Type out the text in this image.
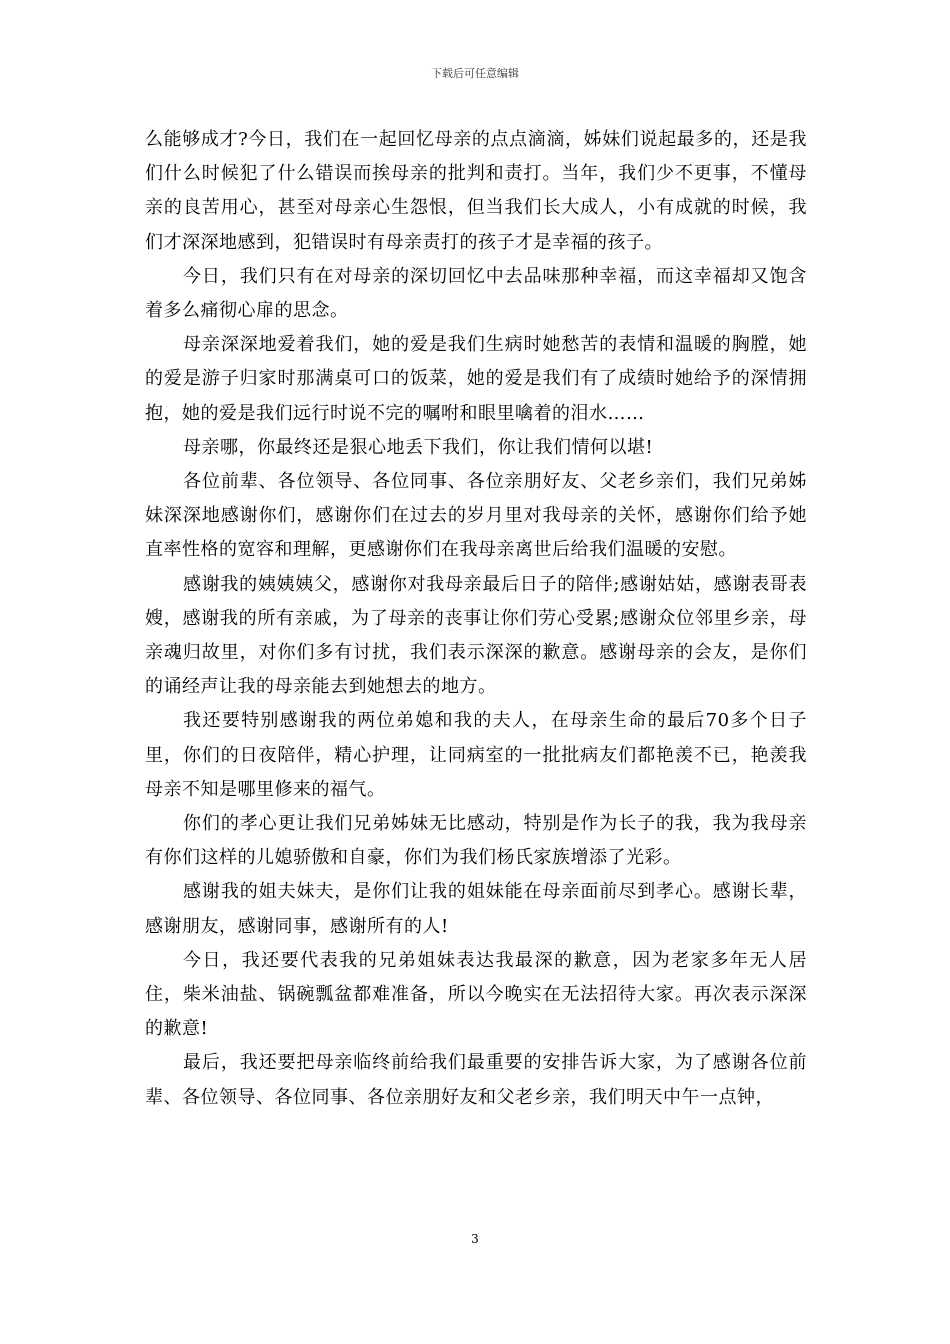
下载后可任意编辑

么能够成才?今日，我们在一起回忆母亲的点点滴滴，姊妹们说起最多的，还是我们什么时候犯了什么错误而挨母亲的批判和责打。当年，我们少不更事，不懂母亲的良苦用心，甚至对母亲心生怨恨，但当我们长大成人，小有成就的时候，我们才深深地感到，犯错误时有母亲责打的孩子才是幸福的孩子。

今日，我们只有在对母亲的深切回忆中去品味那种幸福，而这幸福却又饱含着多么痛彻心扉的思念。

母亲深深地爱着我们，她的爱是我们生病时她愁苦的表情和温暖的胸膛，她的爱是游子归家时那满桌可口的饭菜，她的爱是我们有了成绩时她给予的深情拥抱，她的爱是我们远行时说不完的嘱咐和眼里噙着的泪水……

母亲哪，你最终还是狠心地丢下我们，你让我们情何以堪!

各位前辈、各位领导、各位同事、各位亲朋好友、父老乡亲们，我们兄弟姊妹深深地感谢你们，感谢你们在过去的岁月里对我母亲的关怀，感谢你们给予她直率性格的宽容和理解，更感谢你们在我母亲离世后给我们温暖的安慰。

感谢我的姨姨姨父，感谢你对我母亲最后日子的陪伴;感谢姑姑，感谢表哥表嫂，感谢我的所有亲戚，为了母亲的丧事让你们劳心受累;感谢众位邻里乡亲，母亲魂归故里，对你们多有讨扰，我们表示深深的歉意。感谢母亲的会友，是你们的诵经声让我的母亲能去到她想去的地方。

我还要特别感谢我的两位弟媳和我的夫人，在母亲生命的最后70多个日子里，你们的日夜陪伴，精心护理，让同病室的一批批病友们都艳羡不已，艳羡我母亲不知是哪里修来的福气。

你们的孝心更让我们兄弟姊妹无比感动，特别是作为长子的我，我为我母亲有你们这样的儿媳骄傲和自豪，你们为我们杨氏家族增添了光彩。

感谢我的姐夫妹夫，是你们让我的姐妹能在母亲面前尽到孝心。感谢长辈，感谢朋友，感谢同事，感谢所有的人!

今日，我还要代表我的兄弟姐妹表达我最深的歉意，因为老家多年无人居住，柴米油盐、锅碗瓢盆都难准备，所以今晚实在无法招待大家。再次表示深深的歉意!

最后，我还要把母亲临终前给我们最重要的安排告诉大家，为了感谢各位前辈、各位领导、各位同事、各位亲朋好友和父老乡亲，我们明天中午一点钟，

3
